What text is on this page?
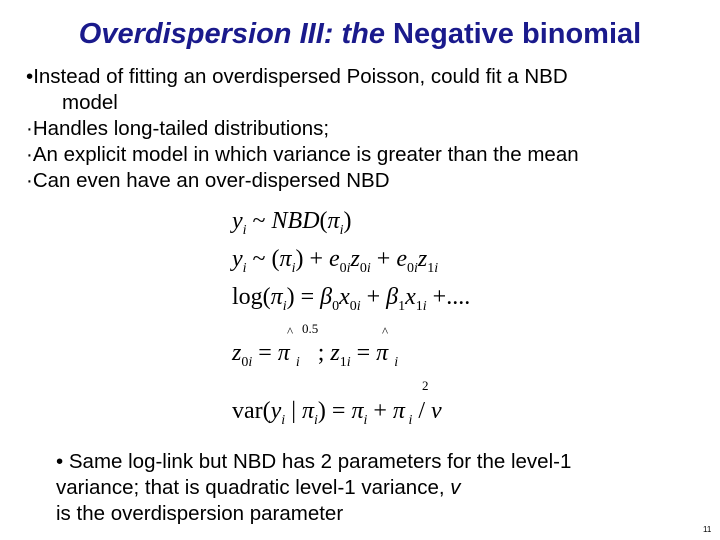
Overdispersion III: the Negative binomial
•Instead of fitting an overdispersed Poisson, could fit a NBD
model
·Handles long-tailed distributions;
·An explicit model in which variance is greater than the mean
·Can even have an over-dispersed NBD
$y_i$ ~ $NBD(\pi_i)$
$y_i$ ~ $(\pi_i) + e_{0i}z_{0i} + e_{0i}z_{1i}$
$\log(\pi_i) = \beta_0x_{0i} + \beta_1x_{1i}$ +....
^ 0.5	^
$z_{0i} = \pi$ $_i$   ; $z_{1i} = \pi$ $_i$
2
$var(y_i$ | $\pi_i) = \pi_i + \pi$ $_i$ / v
• Same log-link but NBD has 2 parameters for the level-1 variance; that is quadratic level-1 variance, v
is the overdispersion parameter
11
